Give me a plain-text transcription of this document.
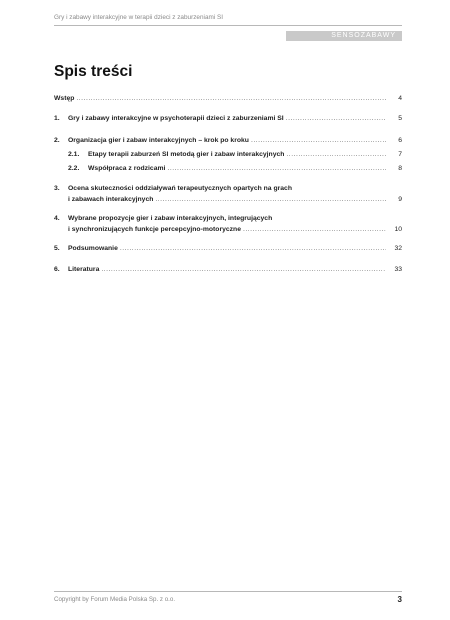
Gry i zabawy interakcyjne w terapii dzieci z zaburzeniami SI
SENSOZABAWY
Spis treści
Wstęp .....	4
1. Gry i zabawy interakcyjne w psychoterapii dzieci z zaburzeniami SI .....	5
2. Organizacja gier i zabaw interakcyjnych – krok po kroku .....	6
2.1. Etapy terapii zaburzeń SI metodą gier i zabaw interakcyjnych .....	7
2.2. Współpraca z rodzicami .....	8
3. Ocena skuteczności oddziaływań terapeutycznych opartych na grach
i zabawach interakcyjnych .....	9
4. Wybrane propozycje gier i zabaw interakcyjnych, integrujących
i synchronizujących funkcje percepcyjno-motoryczne .....	10
5. Podsumowanie .....	32
6. Literatura .....	33
Copyright by Forum Media Polska Sp. z o.o.	3
